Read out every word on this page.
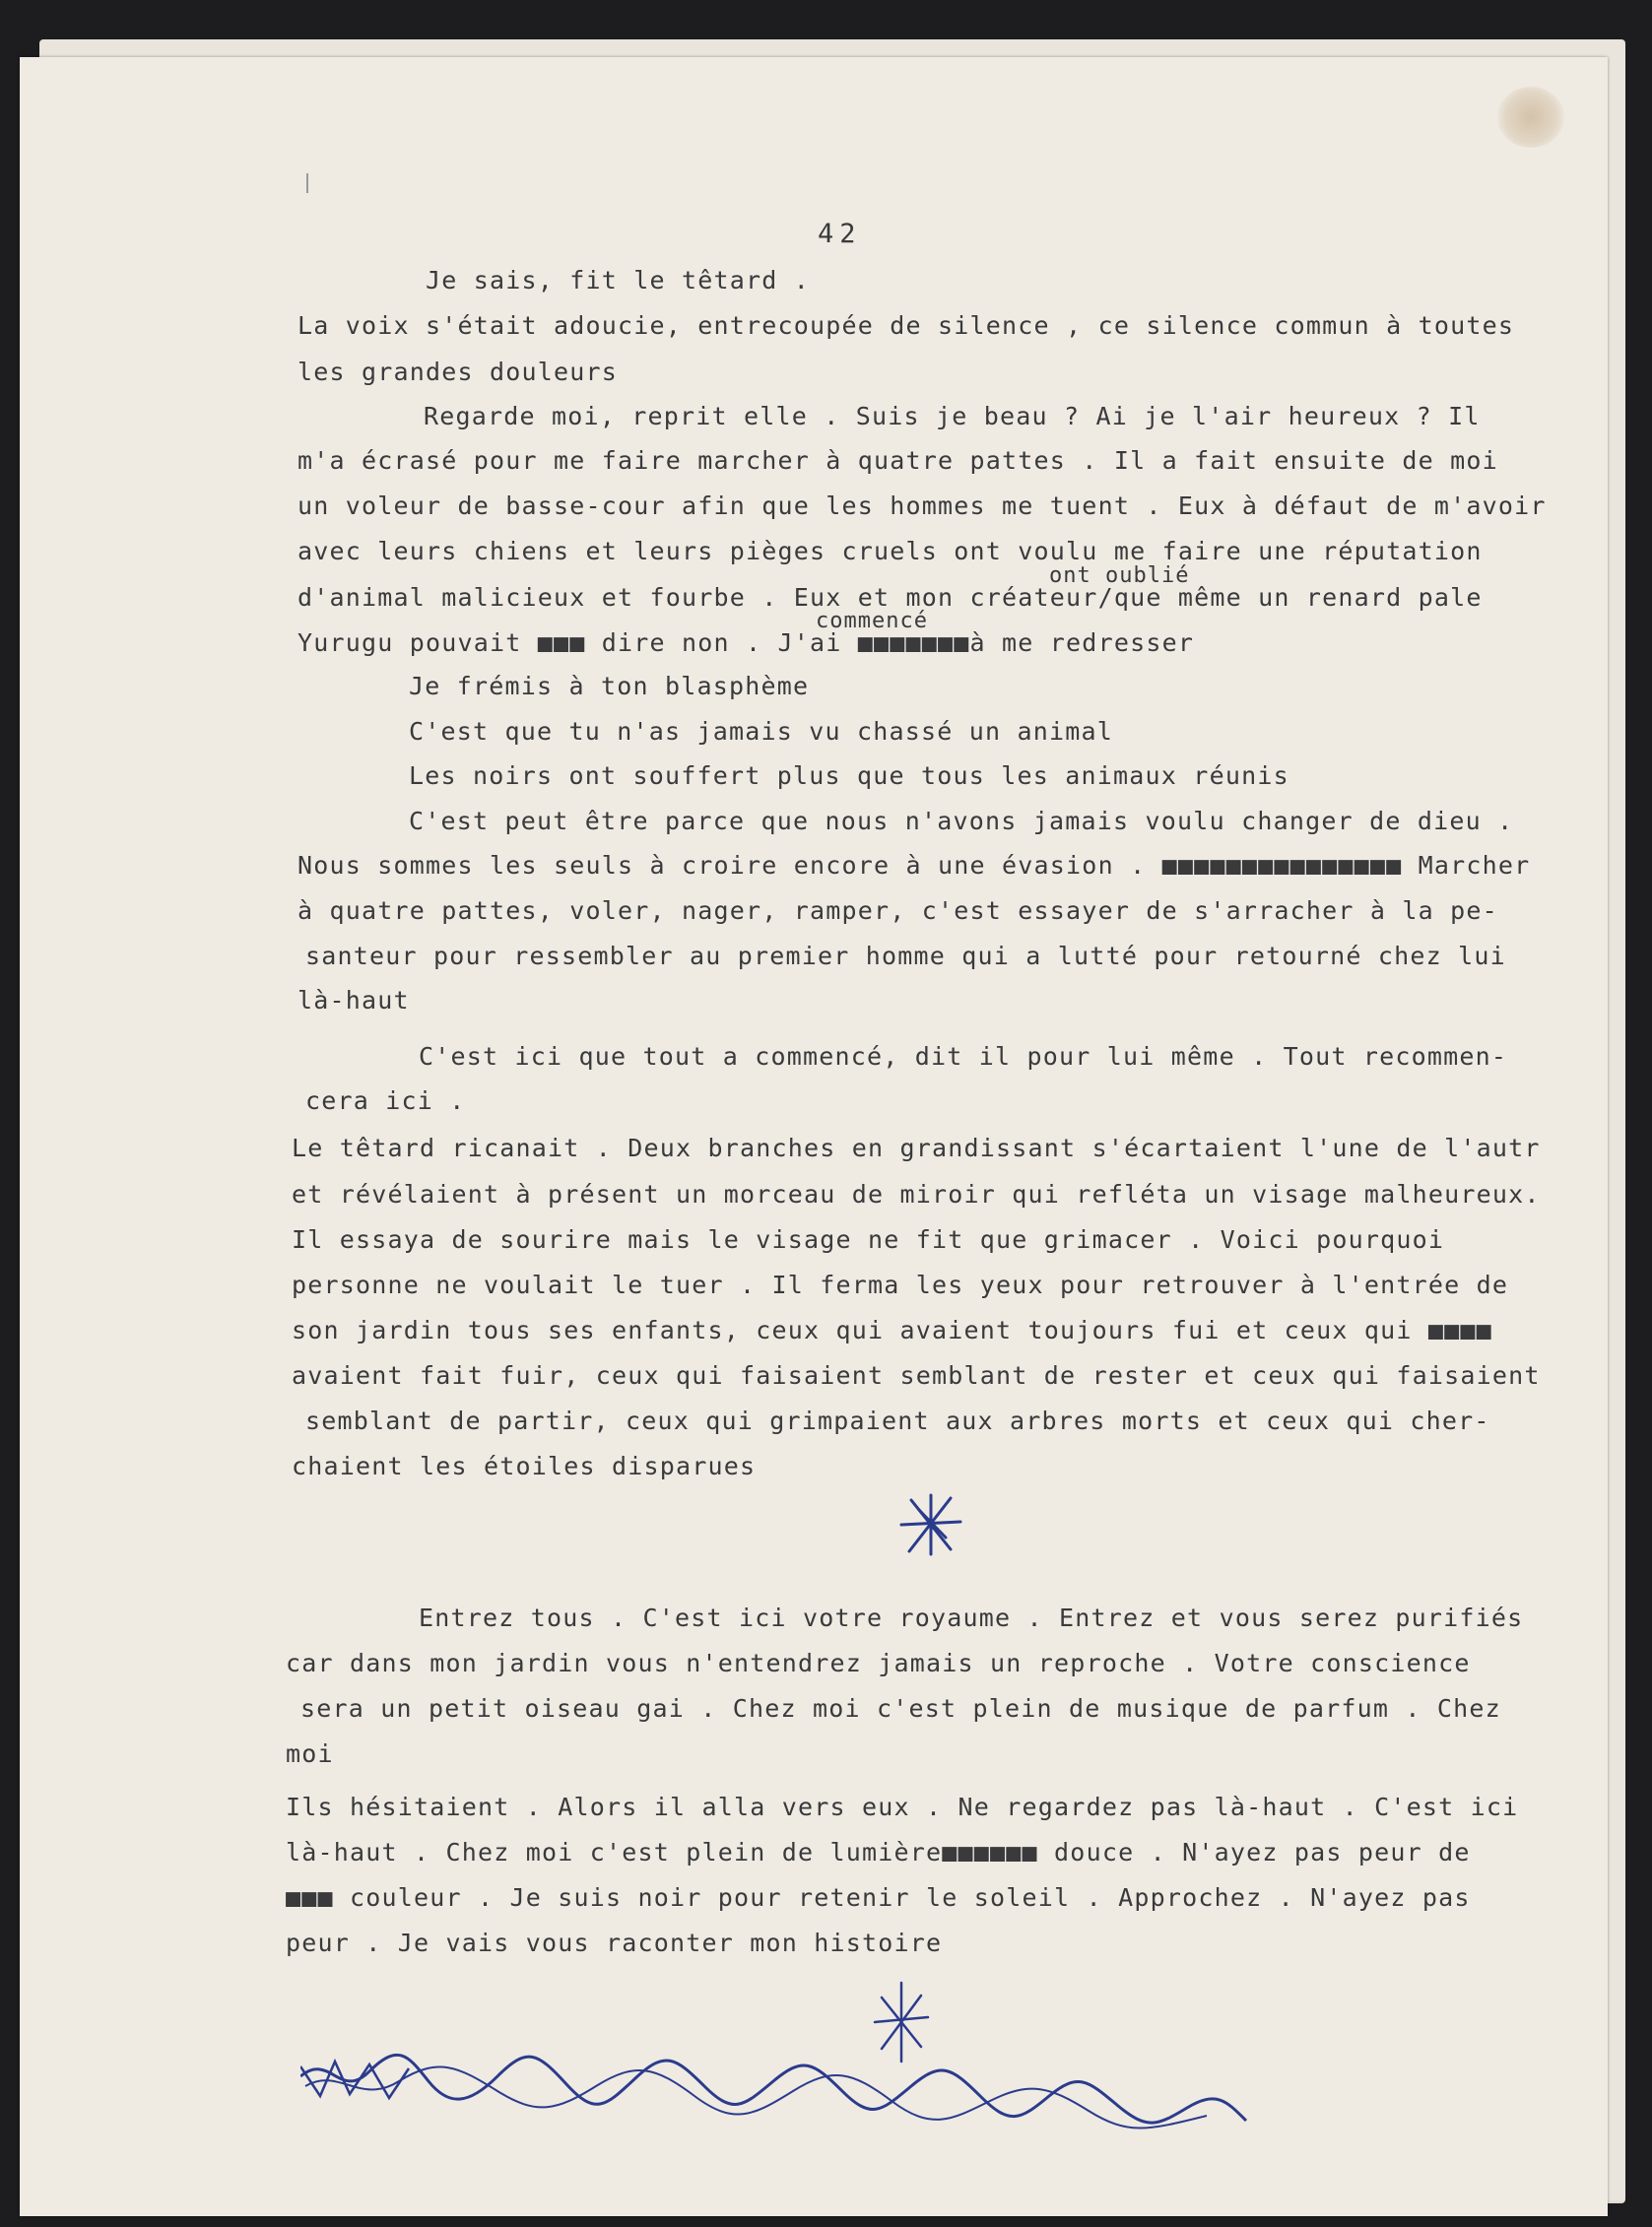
42

Je sais, fit le têtard .

La voix s'était adoucie, entrecoupée de silence , ce silence commun à toutes

les grandes douleurs

Regarde moi, reprit elle . Suis je beau ? Ai je l'air heureux ? Il

m'a écrasé pour me faire marcher à quatre pattes . Il a fait ensuite de moi

un voleur de basse-cour afin que les hommes me tuent . Eux à défaut de m'avoir

avec leurs chiens et leurs pièges cruels ont voulu me faire une réputation

d'animal malicieux et fourbe . Eux et mon créateur/que même un renard pale

Yurugu pouvait ■■■ dire non . J'ai ■■■■■■■à me redresser

Je frémis à ton blasphème

C'est que tu n'as jamais vu chassé un animal

Les noirs ont souffert plus que tous les animaux réunis

C'est peut être parce que nous n'avons jamais voulu changer de dieu .

Nous sommes les seuls à croire encore à une évasion . ■■■■■■■■■■■■■■■ Marcher

à quatre pattes, voler, nager, ramper, c'est essayer de s'arracher à la pe-

santeur pour ressembler au premier homme qui a lutté pour retourné chez lui

là-haut

C'est ici que tout a commencé, dit il pour lui même . Tout recommen-

cera ici .

Le têtard ricanait . Deux branches en grandissant s'écartaient l'une de l'autr

et révélaient à présent un morceau de miroir qui refléta un visage malheureux.

Il essaya de sourire mais le visage ne fit que grimacer . Voici pourquoi

personne ne voulait le tuer . Il ferma les yeux pour retrouver à l'entrée de

son jardin tous ses enfants, ceux qui avaient toujours fui et ceux qui ■■■■

avaient fait fuir, ceux qui faisaient semblant de rester et ceux qui faisaient

semblant de partir, ceux qui grimpaient aux arbres morts et ceux qui cher-

chaient les étoiles disparues

Entrez tous . C'est ici votre royaume . Entrez et vous serez purifiés

car dans mon jardin vous n'entendrez jamais un reproche . Votre conscience

sera un petit oiseau gai . Chez moi c'est plein de musique de parfum . Chez

moi

Ils hésitaient . Alors il alla vers eux . Ne regardez pas là-haut . C'est ici

là-haut . Chez moi c'est plein de lumière■■■■■■ douce . N'ayez pas peur de

■■■ couleur . Je suis noir pour retenir le soleil . Approchez . N'ayez pas

peur . Je vais vous raconter mon histoire

ont oublié

commencé
